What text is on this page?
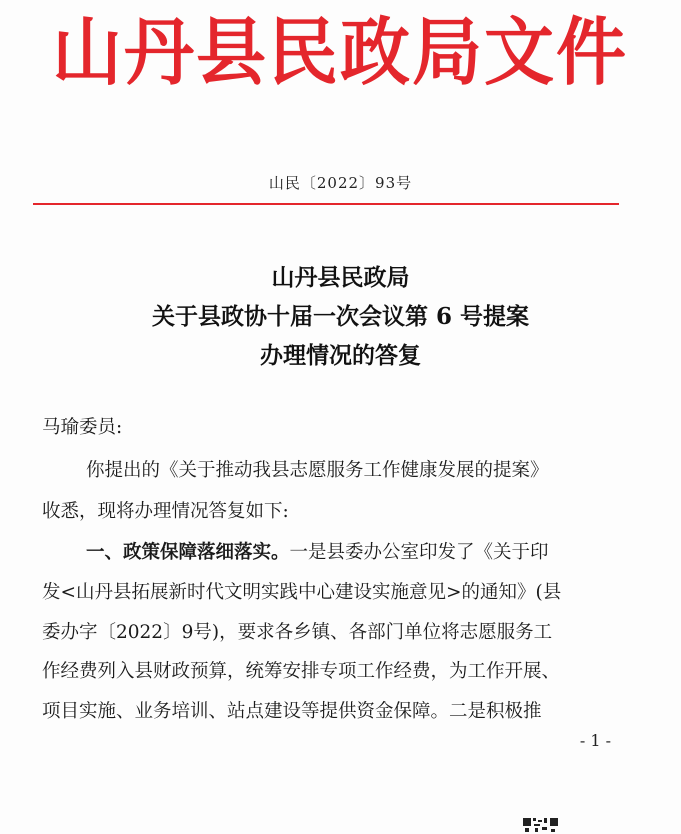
山丹县民政局文件
山民〔2022〕93号
山丹县民政局
关于县政协十届一次会议第 6 号提案
办理情况的答复
马瑜委员:
你提出的《关于推动我县志愿服务工作健康发展的提案》
收悉，现将办理情况答复如下:
一、政策保障落细落实。一是县委办公室印发了《关于印
发<山丹县拓展新时代文明实践中心建设实施意见>的通知》(县
委办字〔2022〕9号)，要求各乡镇、各部门单位将志愿服务工
作经费列入县财政预算，统筹安排专项工作经费，为工作开展、
项目实施、业务培训、站点建设等提供资金保障。二是积极推
- 1 -
